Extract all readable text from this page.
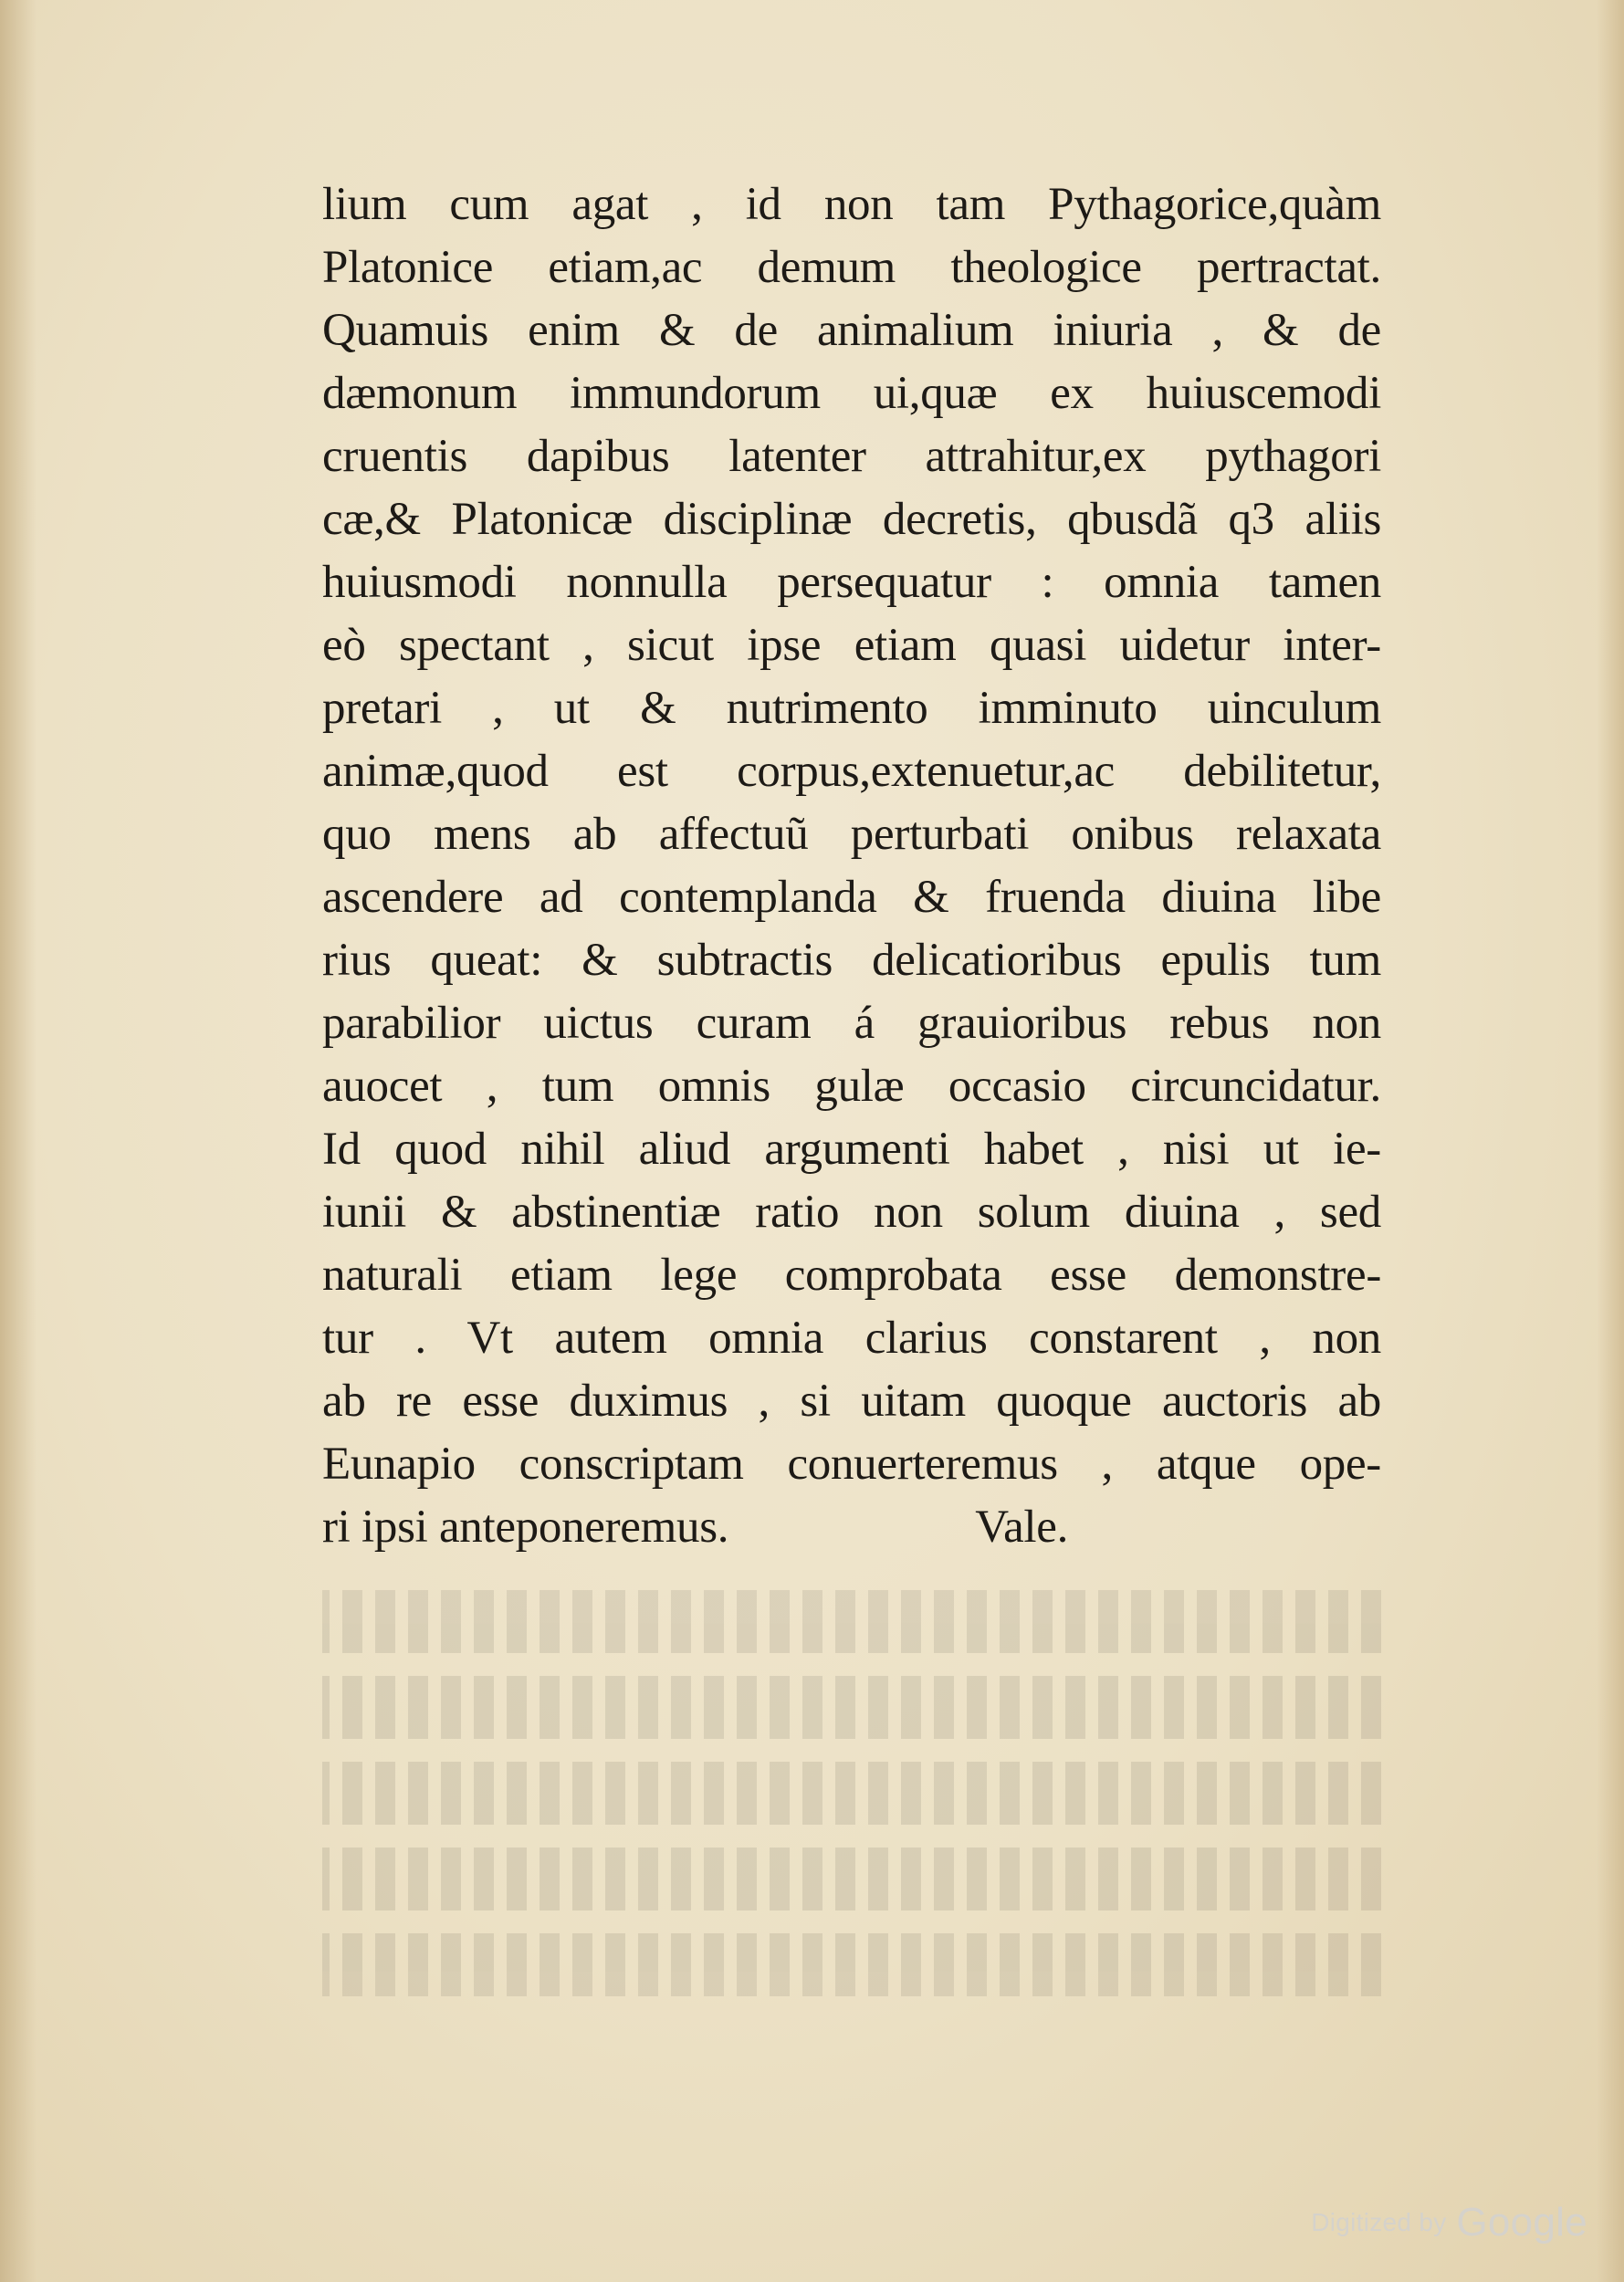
lium cum agat , id non tam Pythagorice,quàm
Platonice etiam,ac demum theologice pertractat.
Quamuis enim & de animalium iniuria , & de
dæmonum immundorum ui,quæ ex huiuscemodi
cruentis dapibus latenter attrahitur,ex pythagori
cæ,& Platonicæ disciplinæ decretis, qbusdã q3 aliis
huiusmodi nonnulla persequatur : omnia tamen
eò spectant , sicut ipse etiam quasi uidetur inter-
pretari , ut & nutrimento imminuto uinculum
animæ,quod est corpus,extenuetur,ac debilitetur,
quo mens ab affectuũ perturbati onibus relaxata
ascendere ad contemplanda & fruenda diuina libe
rius queat: & subtractis delicatioribus epulis tum
parabilior uictus curam á grauioribus rebus non
auocet , tum omnis gulæ occasio circuncidatur.
Id quod nihil aliud argumenti habet , nisi ut ie-
iunii & abstinentiæ ratio non solum diuina , sed
naturali etiam lege comprobata esse demonstre-
tur . Vt autem omnia clarius constarent , non
ab re esse duximus , si uitam quoque auctoris ab
Eunapio conscriptam conuerteremus , atque ope-
ri ipsi anteponeremus.	Vale.
Digitized by Google
